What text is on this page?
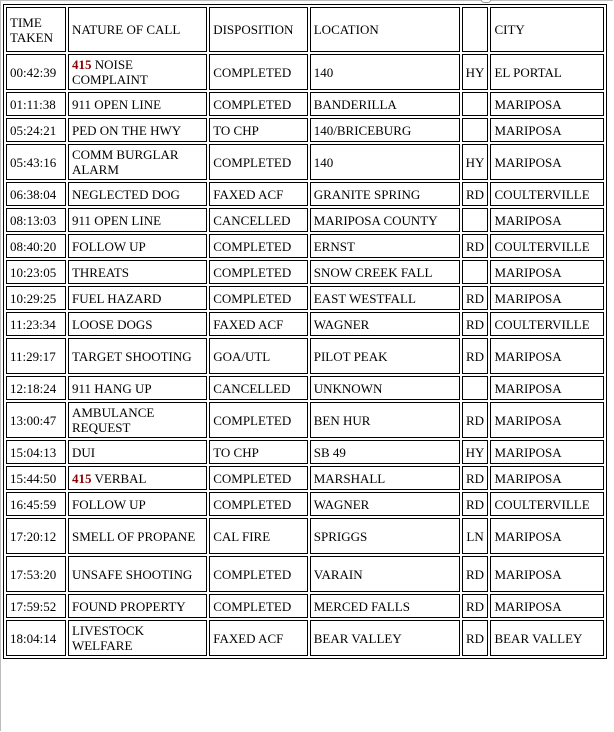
TIME TAKEN	NATURE OF CALL	DISPOSITION	LOCATION		CITY
00:42:39	415 NOISE COMPLAINT	COMPLETED	140	HY	EL PORTAL
01:11:38	911 OPEN LINE	COMPLETED	BANDERILLA		MARIPOSA
05:24:21	PED ON THE HWY	TO CHP	140/BRICEBURG		MARIPOSA
05:43:16	COMM BURGLAR ALARM	COMPLETED	140	HY	MARIPOSA
06:38:04	NEGLECTED DOG	FAXED ACF	GRANITE SPRING	RD	COULTERVILLE
08:13:03	911 OPEN LINE	CANCELLED	MARIPOSA COUNTY		MARIPOSA
08:40:20	FOLLOW UP	COMPLETED	ERNST	RD	COULTERVILLE
10:23:05	THREATS	COMPLETED	SNOW CREEK FALL		MARIPOSA
10:29:25	FUEL HAZARD	COMPLETED	EAST WESTFALL	RD	MARIPOSA
11:23:34	LOOSE DOGS	FAXED ACF	WAGNER	RD	COULTERVILLE
11:29:17	TARGET SHOOTING	GOA/UTL	PILOT PEAK	RD	MARIPOSA
12:18:24	911 HANG UP	CANCELLED	UNKNOWN		MARIPOSA
13:00:47	AMBULANCE REQUEST	COMPLETED	BEN HUR	RD	MARIPOSA
15:04:13	DUI	TO CHP	SB 49	HY	MARIPOSA
15:44:50	415 VERBAL	COMPLETED	MARSHALL	RD	MARIPOSA
16:45:59	FOLLOW UP	COMPLETED	WAGNER	RD	COULTERVILLE
17:20:12	SMELL OF PROPANE	CAL FIRE	SPRIGGS	LN	MARIPOSA
17:53:20	UNSAFE SHOOTING	COMPLETED	VARAIN	RD	MARIPOSA
17:59:52	FOUND PROPERTY	COMPLETED	MERCED FALLS	RD	MARIPOSA
18:04:14	LIVESTOCK WELFARE	FAXED ACF	BEAR VALLEY	RD	BEAR VALLEY
